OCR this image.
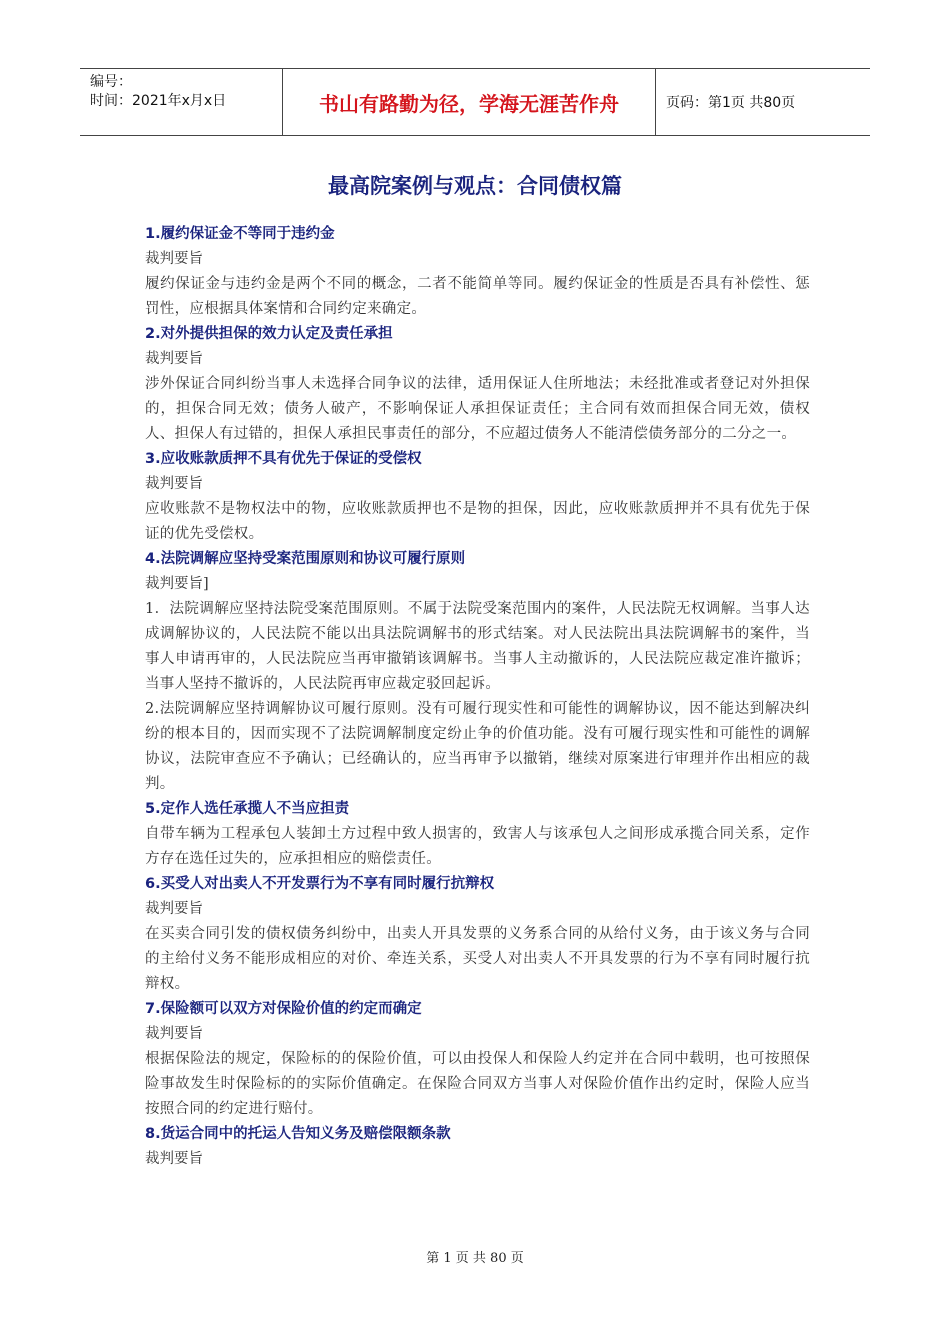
编号：
时间：2021年x月x日	书山有路勤为径，学海无涯苦作舟	页码：第1页 共80页
最高院案例与观点：合同债权篇
1.履约保证金不等同于违约金
裁判要旨
履约保证金与违约金是两个不同的概念，二者不能简单等同。履约保证金的性质是否具有补偿性、惩罚性，应根据具体案情和合同约定来确定。
2.对外提供担保的效力认定及责任承担
裁判要旨
涉外保证合同纠纷当事人未选择合同争议的法律，适用保证人住所地法；未经批准或者登记对外担保的，担保合同无效；债务人破产，不影响保证人承担保证责任；主合同有效而担保合同无效，债权人、担保人有过错的，担保人承担民事责任的部分，不应超过债务人不能清偿债务部分的二分之一。
3.应收账款质押不具有优先于保证的受偿权
裁判要旨
应收账款不是物权法中的物，应收账款质押也不是物的担保，因此，应收账款质押并不具有优先于保证的优先受偿权。
4.法院调解应坚持受案范围原则和协议可履行原则
裁判要旨]
1．法院调解应坚持法院受案范围原则。不属于法院受案范围内的案件，人民法院无权调解。当事人达成调解协议的，人民法院不能以出具法院调解书的形式结案。对人民法院出具法院调解书的案件，当事人申请再审的，人民法院应当再审撤销该调解书。当事人主动撤诉的，人民法院应裁定准许撤诉；当事人坚持不撤诉的，人民法院再审应裁定驳回起诉。
2.法院调解应坚持调解协议可履行原则。没有可履行现实性和可能性的调解协议，因不能达到解决纠纷的根本目的，因而实现不了法院调解制度定纷止争的价值功能。没有可履行现实性和可能性的调解协议，法院审查应不予确认；已经确认的，应当再审予以撤销，继续对原案进行审理并作出相应的裁判。
5.定作人选任承揽人不当应担责
自带车辆为工程承包人装卸土方过程中致人损害的，致害人与该承包人之间形成承揽合同关系，定作方存在选任过失的，应承担相应的赔偿责任。
6.买受人对出卖人不开发票行为不享有同时履行抗辩权
裁判要旨
在买卖合同引发的债权债务纠纷中，出卖人开具发票的义务系合同的从给付义务，由于该义务与合同的主给付义务不能形成相应的对价、牵连关系，买受人对出卖人不开具发票的行为不享有同时履行抗辩权。
7.保险额可以双方对保险价值的约定而确定
裁判要旨
根据保险法的规定，保险标的的保险价值，可以由投保人和保险人约定并在合同中载明，也可按照保险事故发生时保险标的的实际价值确定。在保险合同双方当事人对保险价值作出约定时，保险人应当按照合同的约定进行赔付。
8.货运合同中的托运人告知义务及赔偿限额条款
裁判要旨
第 1 页 共 80 页
